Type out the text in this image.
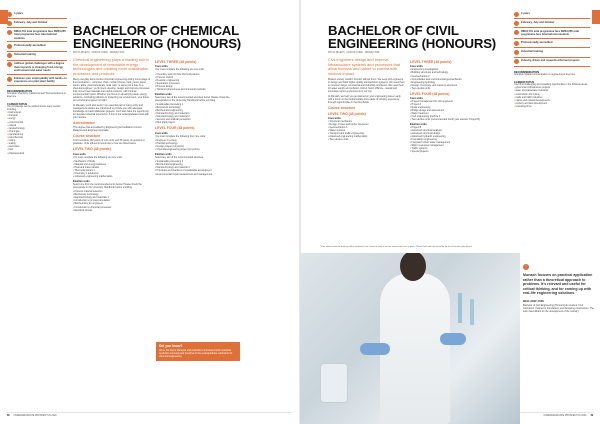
4 years
February, July and October
RM44,701 total programme fees RM64,265 total programme fees International students
Professionally accredited
Industrial training
Address global challenges with a degree that responds to changing food, energy, environment and water needs
Enhance your employability with hands-on experience at a pilot plant facility
RECOMMENDATION
Complete Chemistry 1 advanced and Thermodynamics at level one.
CAREER PATHS
Your knowledge can be applied across many sectors, including:
• biochemical
• chemical
• energy
• environmental
• mineral
• nanotechnology
• oil and gas
• manufacturing
• petrochemical
• mining
• scaling
• electronics
• food
• pharmaceutical.
BACHELOR OF CHEMICAL
ENGINEERING (HONOURS)
MTF13 (BCE/H) · CRICOS CODE · N84/MQY/010
Chemical engineering plays a leading role in the development of renewable energy technologies and creating more sustainable processes and products.

Many everyday items involve chemical engineering during some stage of their production – computer chips, mobile phones, food, petrol, paper, sports, attire, pharmaceuticals, solar cells, to name just a few. As a chemical engineer, you'll invent, develop, design and improve processes that convert raw materials into useful products, with minimal environmental impact. Whether you focus on developing clean energy solutions, combating pollution or protecting our environment, your future as a chemical engineer is bright.

At Monash, you'll also work in an essential part of many entity and management studies are introduced to provide you with adequate knowledge on basic Malaysian projects. You'll also have the opportunity to integrate industrial experience. A few of our undergraduates land with your studies.

Accreditation

This degree has accredited by Engineering Accreditation Council Malaysia and Engineers Australia.

Course structure

You'll complete 192 points of core units and 36 points of electives to graduate. Units offered in levels two to four are listed below.

LEVEL TWO (48 points)
Core units

You must complete the following six core units:

• Mechanics of fluids
• Material and energy balances
• Heat and mass transfer
• Thermodynamics 1
• Chemistry 1 advanced
• Advanced engineering mathematics.
Elective units

Select one from the recommended units below. Please check the prerequisite in the University Handbook before enrolling.

• Process material selection
• Bioprocess technology
• Nanotechnology and materials 1
• Introduction to process simulation
• Biochemistry for engineers
• Introduction to chemical processes
• Electrical circuits
LEVEL THREE (48 points)
Core units

You must complete the following six core units:

• Chemistry and unit flow thermodynamics
• Process control
• Reaction engineering
• Separation processes
• Process design
• Transport phenomena and numerical methods.
Elective units

Select any two of the recommended electives below. Please check the prerequisites in the University Handbook before enrolling.

• Sustainable processing 1
• Bioprocess technology
• Biochemical engineering
• Nanotechnology and material 1
• Nanotechnology and material 2
• Sensors and artificial perception
• Pilot plant project.
LEVEL FOUR (48 points)
Core units

You must complete the following four core units:

• Engineer in society
• Pant/lab technology
• Design project (12 points)
• Chemical engineering project (12 points).
Elective units

Select any two of the recommended electives:

• Sustainable processing 2
• Biochemical engineering
• Nanotechnology and material 3
• Principles and practices of sustainable development
• Environmental impact assessment and management.
Did you know?
We're the first in Malaysia and Australia to introduce fourth industrial revolution concepts and practices in the undergraduate curriculum for chemical engineering.
38 UNDERGRADUATE PROSPECTUS 2020
BACHELOR OF CIVIL
ENGINEERING (HONOURS)
MTF13 (BCE/H) · CRICOS CODE · N84/MQY/008
Civil engineers design and improve infrastructure systems and processes that allow humans and nature to coexist with minimal impact.

Modern society couldn't function without them. We need civil engineers to design and build higher-quality transportation systems. We need them to construct larger commercial and industrial complexes. We need them for water supply and pollution control, flood, offshore, coastal and innovative report environments in our city.

At Monash, we help you get started on your engineering career early with a focus on the fundamentals and a taste of industry experience through opportunities in the third fields.

Course structure
LEVEL TWO (48 points)
Core units
• Structural mechanics
• Design of steel and timber structures
• Geomechanics 1
• Water systems
• Transport and traffic engineering
• Advanced engineering mathematics
• Two elective units
LEVEL THREE (48 points)
Core units
• Engineering investigation
• Building structures and technology
• Geomechanics 2
• Groundwater and environmental geomechanics
• Engineering hydrology
• Design of concrete and masonry structures
• Two elective units
LEVEL FOUR (48 points)
Core units
• Project management for civil engineers
• Project A
• Road engineering
• Bridge design and assessment
• Water treatment
• Civil engineering practice 4
• Two elective units (recommended fourth year elective: Project B)
Elective units
• Project B
• Advanced structural analysis
• Advanced structural design
• Advanced hydraulic engineering
• Foundation engineering
• Integrated urban water management
• Water resources management
• Traffic systems
• Special projects
4 years
February, July and October
RM44,701 total programme fees RM64,265 total programme fees International students
Professionally accredited
Industrial training
Industry-driven and research-informed projects
RECOMMENDATION
Complete Spatial communication in engineering at level one.
CAREER PATHS
You'll find challenging and rewarding opportunities in the following areas:
• government infrastructure projects
• water and wastewater industries
• construction and mining
• roads and traffic industries
• marine and coastal developments
• property and land development
• consulting firms.
UNDERGRADUATE PROSPECTUS 2020 39
* Your elective units for level two will be finalised in the course of study to ensure relevant ones are in place. Please check with the school for the list of elective units offered.
“
Monash focuses on practical application rather than a theoretical approach to problems. It's relevant and useful for critical thinking, and for coming up with real-life engineering solutions.
BEH HOW JUIN
Bachelor of Civil Engineering (Honours) Ex-student: Civil Contractor. Inclined to foundations and designing construction. The team has brilliant for the development of the industry.
